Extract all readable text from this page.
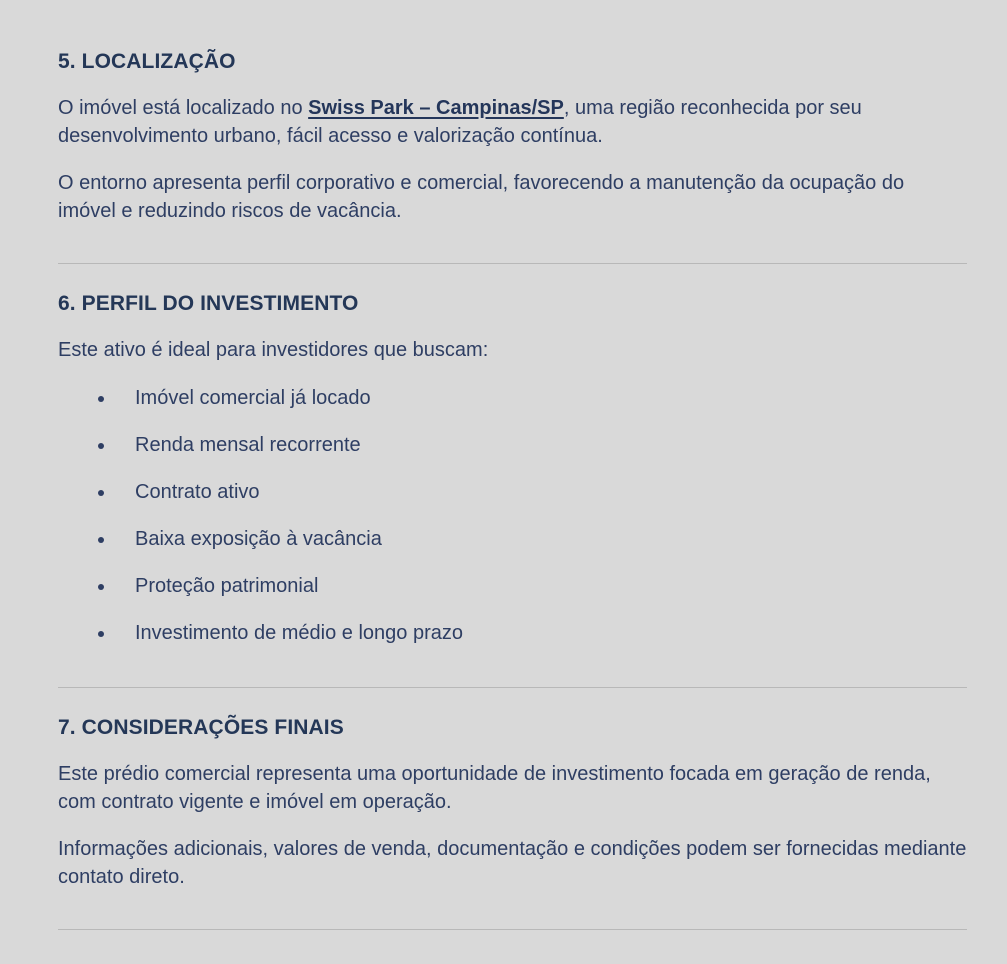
5. LOCALIZAÇÃO

O imóvel está localizado no Swiss Park – Campinas/SP, uma região reconhecida por seu desenvolvimento urbano, fácil acesso e valorização contínua.

O entorno apresenta perfil corporativo e comercial, favorecendo a manutenção da ocupação do imóvel e reduzindo riscos de vacância.

6. PERFIL DO INVESTIMENTO

Este ativo é ideal para investidores que buscam:

Imóvel comercial já locado
Renda mensal recorrente
Contrato ativo
Baixa exposição à vacância
Proteção patrimonial
Investimento de médio e longo prazo
7. CONSIDERAÇÕES FINAIS

Este prédio comercial representa uma oportunidade de investimento focada em geração de renda, com contrato vigente e imóvel em operação.

Informações adicionais, valores de venda, documentação e condições podem ser fornecidas mediante contato direto.
